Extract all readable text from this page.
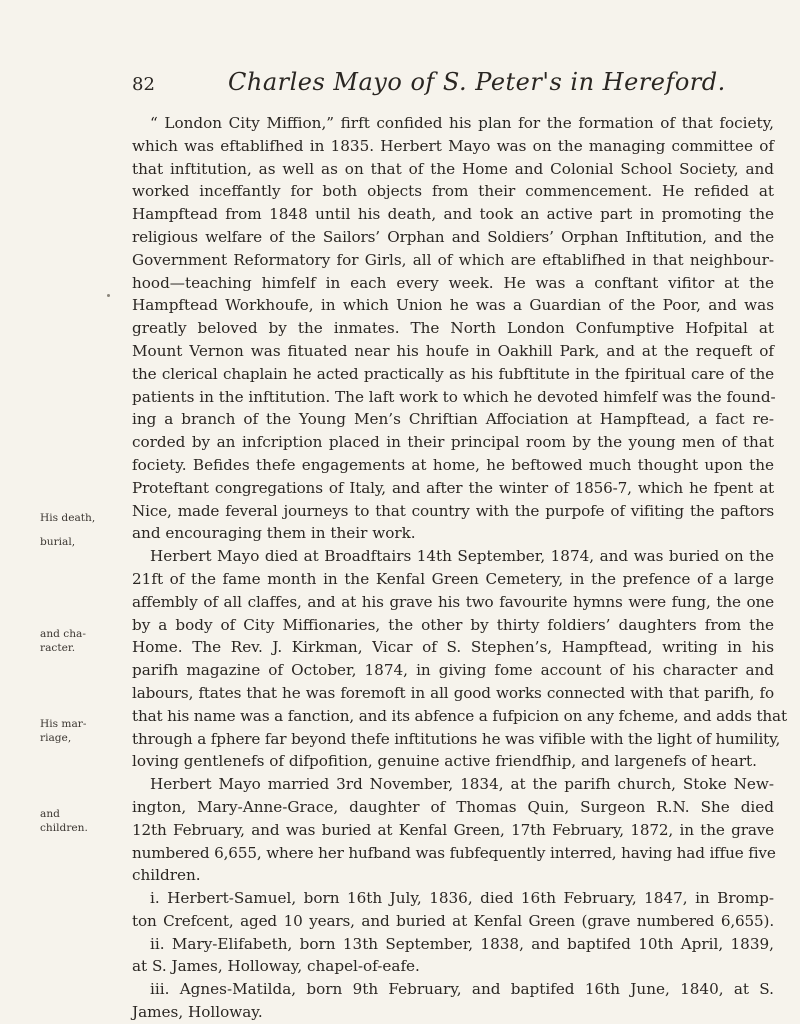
82	Charles Mayo of S. Peter's in Hereford.
His death,
burial,
and cha-
racter.
His mar-
riage,
and
children.
“ London City Miffion,” firft confided his plan for the formation of that fociety,
which was eftablifhed in 1835. Herbert Mayo was on the managing committee of
that inftitution, as well as on that of the Home and Colonial School Society, and
worked inceffantly for both objects from their commencement. He refided at
Hampftead from 1848 until his death, and took an active part in promoting the
religious welfare of the Sailors’ Orphan and Soldiers’ Orphan Inftitution, and the
Government Reformatory for Girls, all of which are eftablifhed in that neighbour-
hood—teaching himfelf in each every week. He was a conftant vifitor at the
Hampftead Workhoufe, in which Union he was a Guardian of the Poor, and was
greatly beloved by the inmates. The North London Confumptive Hofpital at
Mount Vernon was fituated near his houfe in Oakhill Park, and at the requeft of
the clerical chaplain he acted practically as his fubftitute in the fpiritual care of the
patients in the inftitution. The laft work to which he devoted himfelf was the found-
ing a branch of the Young Men’s Chriftian Affociation at Hampftead, a fact re-
corded by an infcription placed in their principal room by the young men of that
fociety. Befides thefe engagements at home, he beftowed much thought upon the
Proteftant congregations of Italy, and after the winter of 1856-7, which he fpent at
Nice, made feveral journeys to that country with the purpofe of vifiting the paftors
and encouraging them in their work.
Herbert Mayo died at Broadftairs 14th September, 1874, and was buried on the
21ft of the fame month in the Kenfal Green Cemetery, in the prefence of a large
affembly of all claffes, and at his grave his two favourite hymns were fung, the one
by a body of City Miffionaries, the other by thirty foldiers’ daughters from the
Home. The Rev. J. Kirkman, Vicar of S. Stephen’s, Hampftead, writing in his
parifh magazine of October, 1874, in giving fome account of his character and
labours, ftates that he was foremoft in all good works connected with that parifh, fo
that his name was a fanction, and its abfence a fufpicion on any fcheme, and adds that
through a fphere far beyond thefe inftitutions he was vifible with the light of humility,
loving gentlenefs of difpofition, genuine active friendfhip, and largenefs of heart.
Herbert Mayo married 3rd November, 1834, at the parifh church, Stoke New-
ington, Mary-Anne-Grace, daughter of Thomas Quin, Surgeon R.N. She died
12th February, and was buried at Kenfal Green, 17th February, 1872, in the grave
numbered 6,655, where her hufband was fubfequently interred, having had iffue five
children.
i. Herbert-Samuel, born 16th July, 1836, died 16th February, 1847, in Bromp-
ton Crefcent, aged 10 years, and buried at Kenfal Green (grave numbered 6,655).
ii. Mary-Elifabeth, born 13th September, 1838, and baptifed 10th April, 1839,
at S. James, Holloway, chapel-of-eafe.
iii. Agnes-Matilda, born 9th February, and baptifed 16th June, 1840, at S.
James, Holloway.
